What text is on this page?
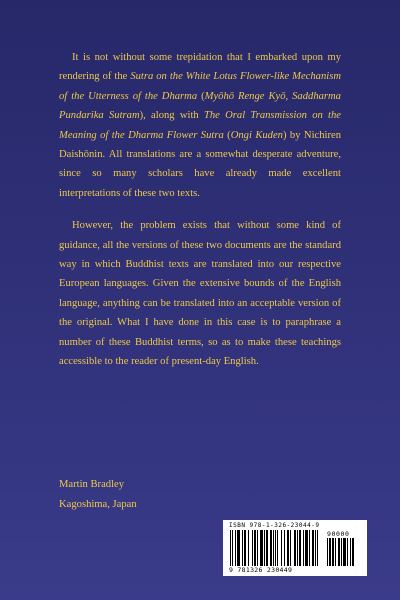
It is not without some trepidation that I embarked upon my rendering of the Sutra on the White Lotus Flower-like Mechanism of the Utterness of the Dharma (Myōhō Renge Kyō, Saddharma Pundarika Sutram), along with The Oral Transmission on the Meaning of the Dharma Flower Sutra (Ongi Kuden) by Nichiren Daishōnin. All translations are a somewhat desperate adventure, since so many scholars have already made excellent interpretations of these two texts.

However, the problem exists that without some kind of guidance, all the versions of these two documents are the standard way in which Buddhist texts are translated into our respective European languages. Given the extensive bounds of the English language, anything can be translated into an acceptable version of the original. What I have done in this case is to paraphrase a number of these Buddhist terms, so as to make these teachings accessible to the reader of present-day English.

Martin Bradley
Kagoshima, Japan
ISBN 978-1-326-23044-9
90000
9 781326 230449
